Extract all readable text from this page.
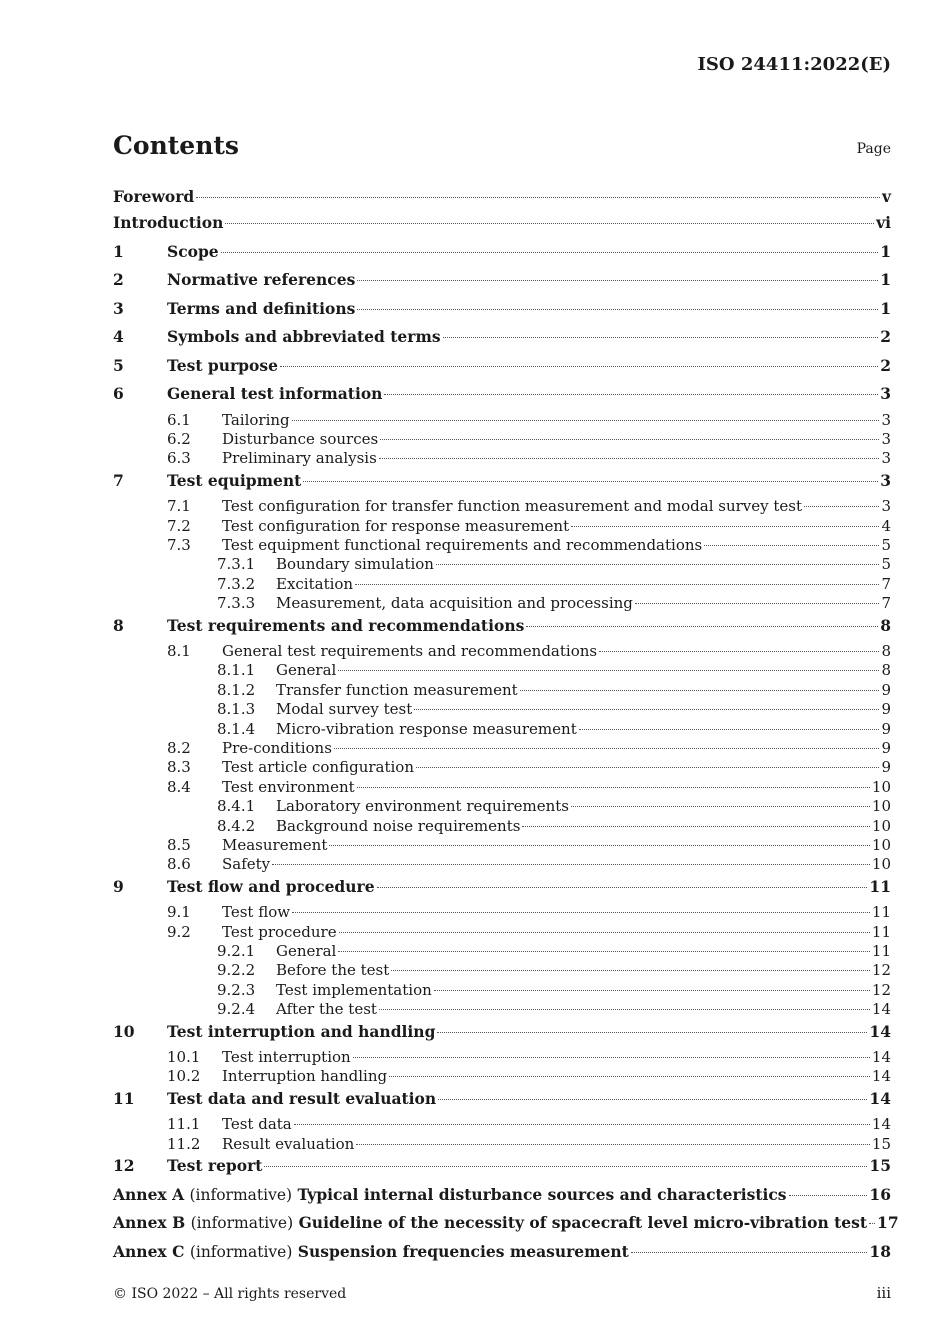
ISO 24411:2022(E)
Contents	Page
Foreword	v
Introduction	vi
1	Scope	1
2	Normative references	1
3	Terms and definitions	1
4	Symbols and abbreviated terms	2
5	Test purpose	2
6	General test information	3
6.1 Tailoring	3
6.2 Disturbance sources	3
6.3 Preliminary analysis	3
7	Test equipment	3
7.1 Test configuration for transfer function measurement and modal survey test	3
7.2 Test configuration for response measurement	4
7.3 Test equipment functional requirements and recommendations	5
7.3.1 Boundary simulation	5
7.3.2 Excitation	7
7.3.3 Measurement, data acquisition and processing	7
8	Test requirements and recommendations	8
8.1 General test requirements and recommendations	8
8.1.1 General	8
8.1.2 Transfer function measurement	9
8.1.3 Modal survey test	9
8.1.4 Micro-vibration response measurement	9
8.2 Pre-conditions	9
8.3 Test article configuration	9
8.4 Test environment	10
8.4.1 Laboratory environment requirements	10
8.4.2 Background noise requirements	10
8.5 Measurement	10
8.6 Safety	10
9	Test flow and procedure	11
9.1 Test flow	11
9.2 Test procedure	11
9.2.1 General	11
9.2.2 Before the test	12
9.2.3 Test implementation	12
9.2.4 After the test	14
10 Test interruption and handling	14
10.1 Test interruption	14
10.2 Interruption handling	14
11 Test data and result evaluation	14
11.1 Test data	14
11.2 Result evaluation	15
12 Test report	15
Annex A (informative) Typical internal disturbance sources and characteristics	16
Annex B (informative) Guideline of the necessity of spacecraft level micro-vibration test 17
Annex C (informative) Suspension frequencies measurement	18
© ISO 2022 – All rights reserved	iii
